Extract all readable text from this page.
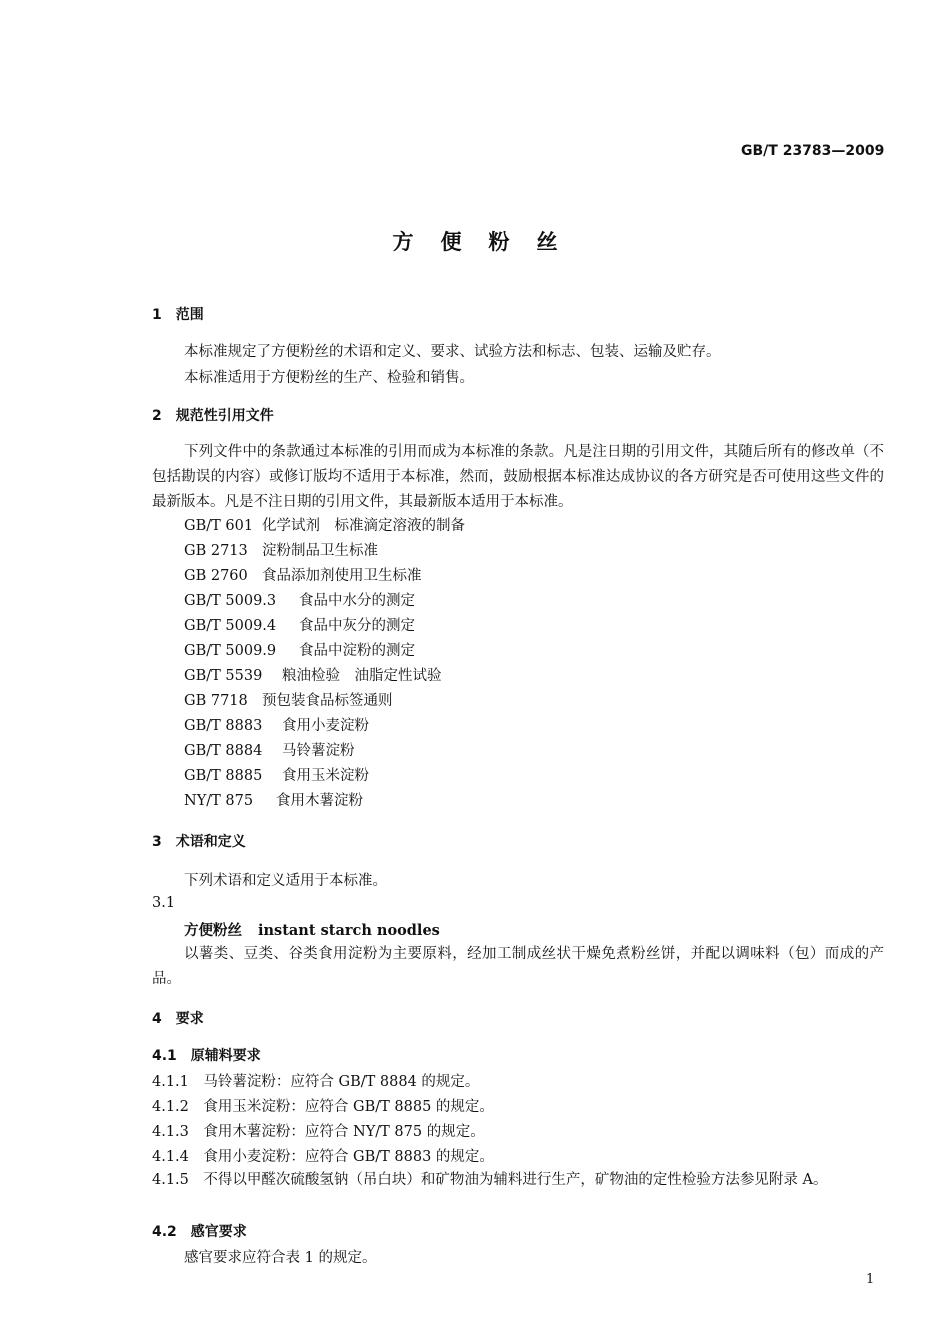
GB/T 23783—2009
方便粉丝
1　范围
本标准规定了方便粉丝的术语和定义、要求、试验方法和标志、包装、运输及贮存。
本标准适用于方便粉丝的生产、检验和销售。
2　规范性引用文件
下列文件中的条款通过本标准的引用而成为本标准的条款。凡是注日期的引用文件，其随后所有的修改单（不包括勘误的内容）或修订版均不适用于本标准，然而，鼓励根据本标准达成协议的各方研究是否可使用这些文件的最新版本。凡是不注日期的引用文件，其最新版本适用于本标准。
GB/T 601 化学试剂　标准滴定溶液的制备
GB 2713 淀粉制品卫生标准
GB 2760 食品添加剂使用卫生标准
GB/T 5009.3 食品中水分的测定
GB/T 5009.4 食品中灰分的测定
GB/T 5009.9 食品中淀粉的测定
GB/T 5539 粮油检验　油脂定性试验
GB 7718 预包装食品标签通则
GB/T 8883 食用小麦淀粉
GB/T 8884 马铃薯淀粉
GB/T 8885 食用玉米淀粉
NY/T 875 食用木薯淀粉
3　术语和定义
下列术语和定义适用于本标准。
3.1
方便粉丝 instant starch noodles
以薯类、豆类、谷类食用淀粉为主要原料，经加工制成丝状干燥免煮粉丝饼，并配以调味料（包）而成的产品。
4　要求
4.1　原辅料要求
4.1.1　马铃薯淀粉：应符合 GB/T 8884 的规定。
4.1.2　食用玉米淀粉：应符合 GB/T 8885 的规定。
4.1.3　食用木薯淀粉：应符合 NY/T 875 的规定。
4.1.4　食用小麦淀粉：应符合 GB/T 8883 的规定。
4.1.5　不得以甲醛次硫酸氢钠（吊白块）和矿物油为辅料进行生产，矿物油的定性检验方法参见附录 A。
4.2　感官要求
感官要求应符合表 1 的规定。
1
